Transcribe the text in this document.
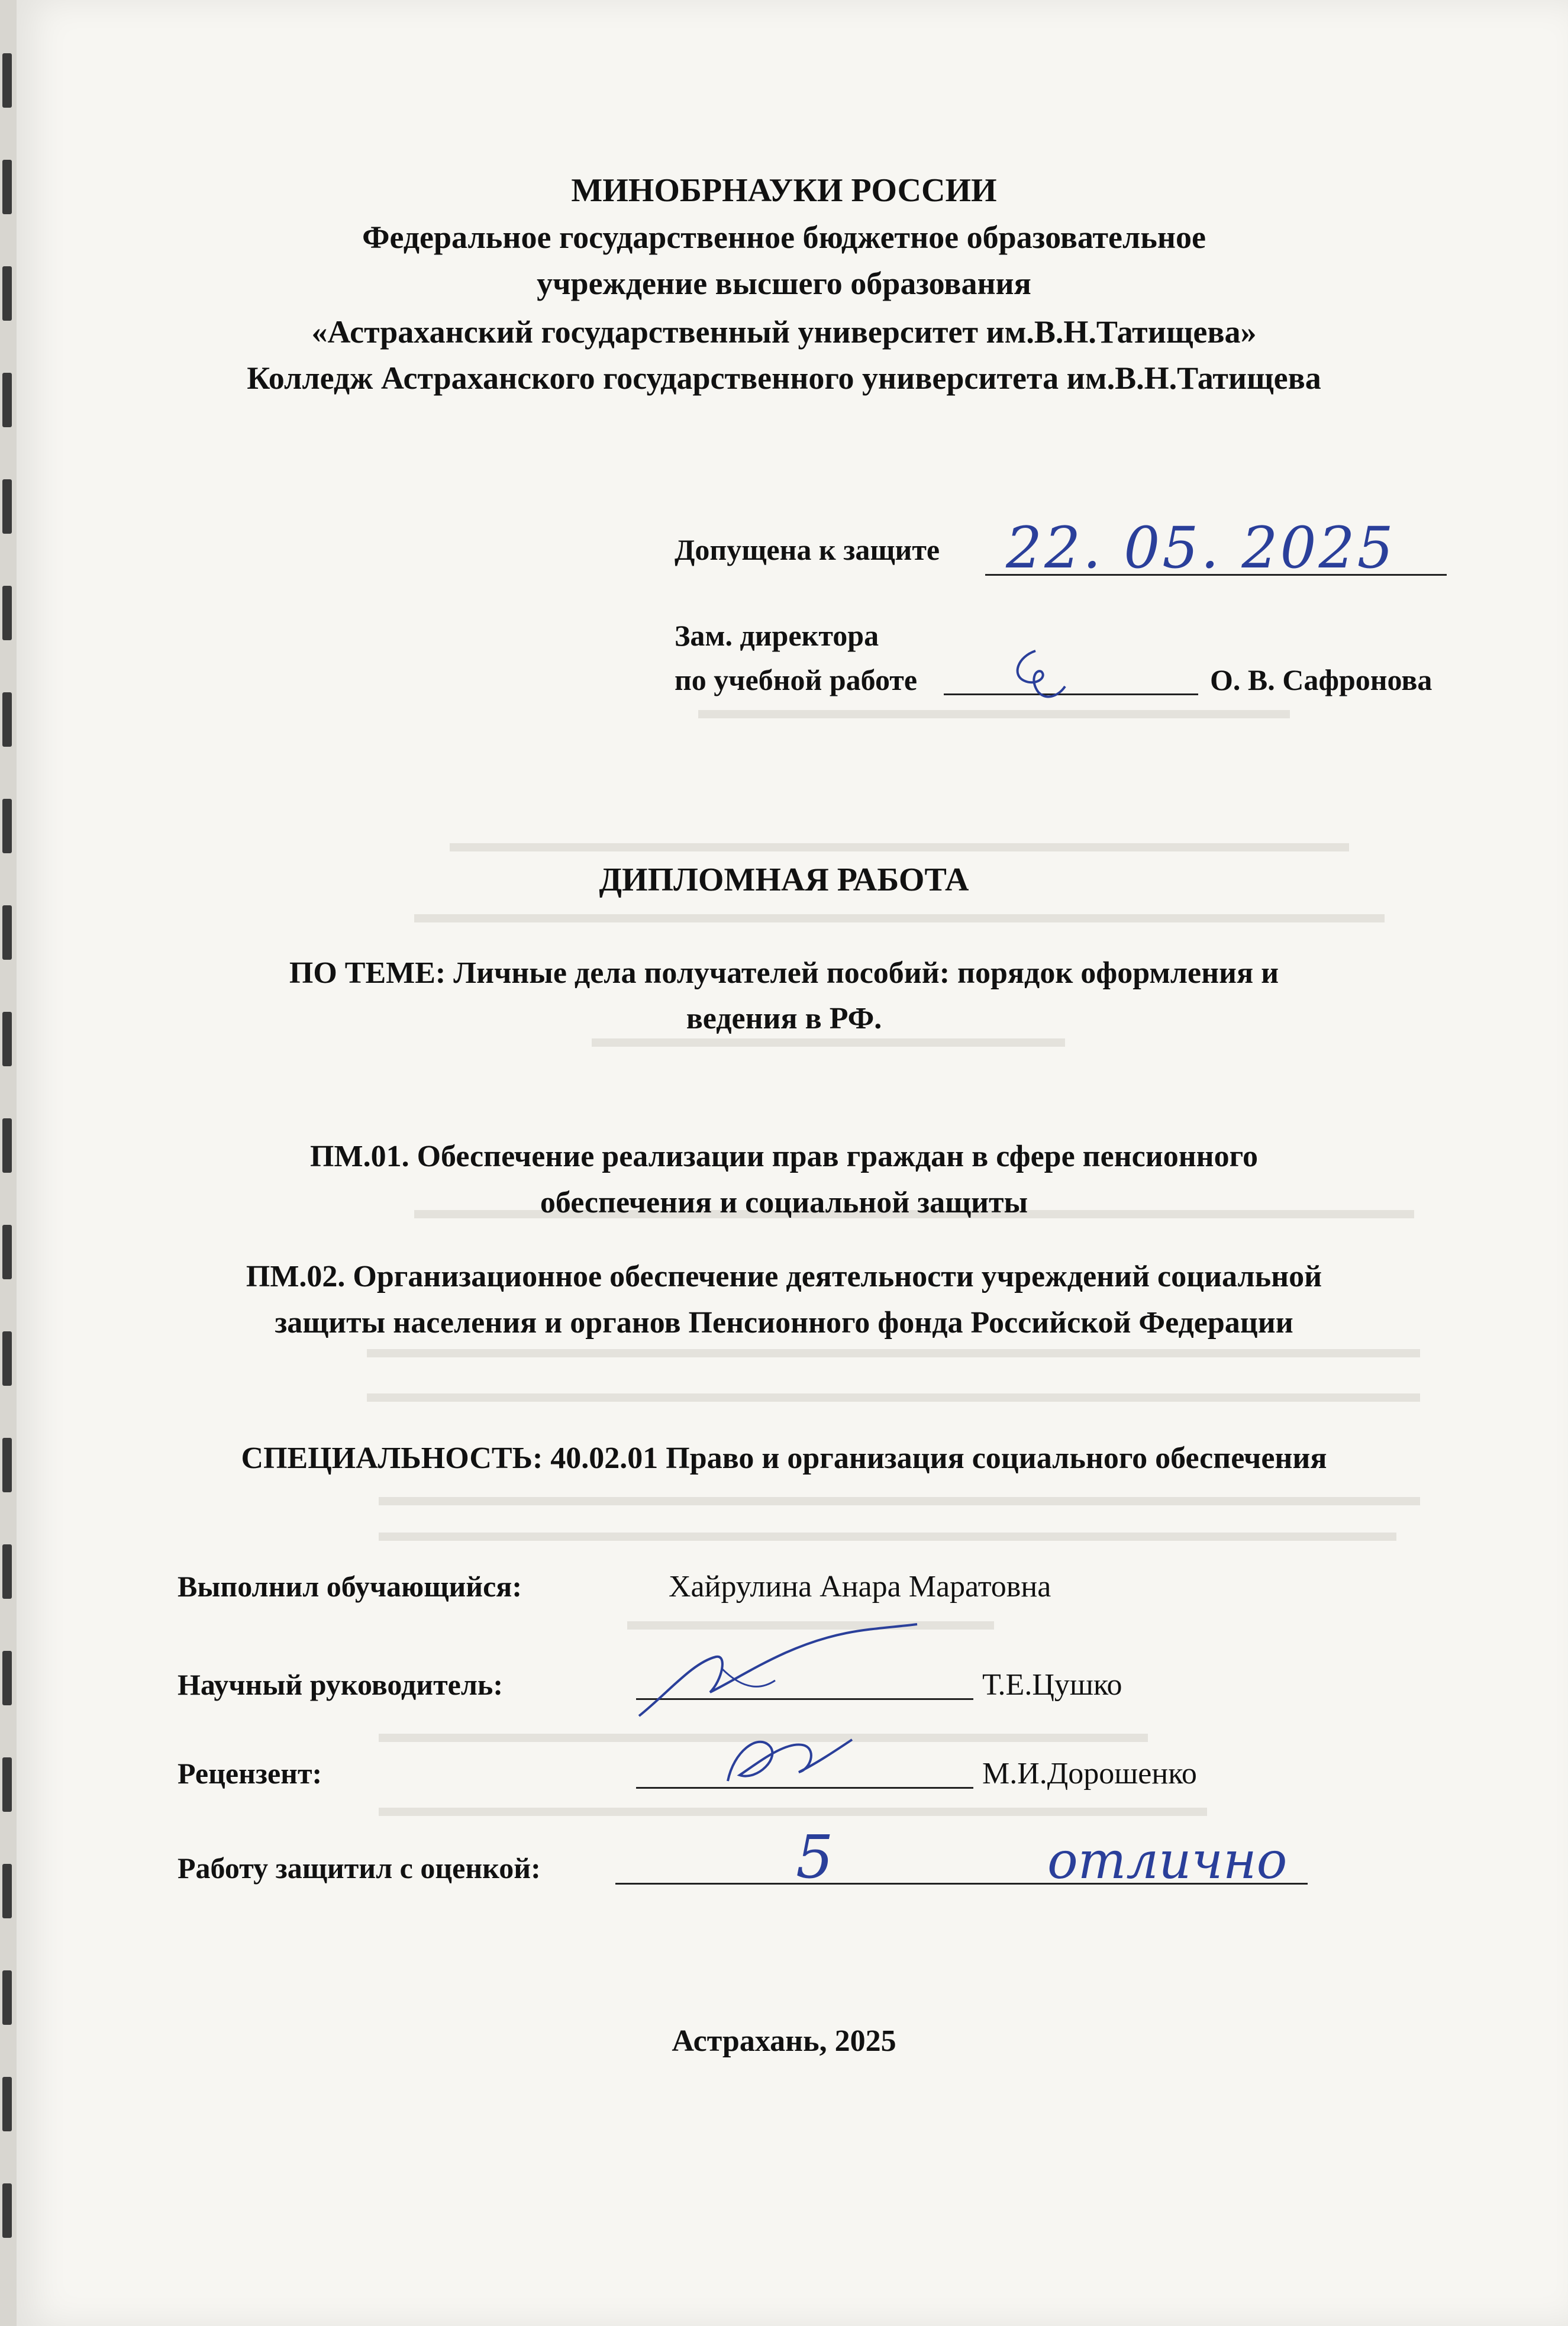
МИНОБРНАУКИ РОССИИ
Федеральное государственное бюджетное образовательное
учреждение высшего образования
«Астраханский государственный университет им.В.Н.Татищева»
Колледж Астраханского государственного университета им.В.Н.Татищева
Допущена к защите 22. 05. 2025
Зам. директора
по учебной работе	О. В. Сафронова
ДИПЛОМНАЯ РАБОТА
ПО ТЕМЕ: Личные дела получателей пособий: порядок оформления и
ведения в РФ.
ПМ.01. Обеспечение реализации прав граждан в сфере пенсионного
обеспечения и социальной защиты
ПМ.02. Организационное обеспечение деятельности учреждений социальной
защиты населения и органов Пенсионного фонда Российской Федерации
СПЕЦИАЛЬНОСТЬ: 40.02.01 Право и организация социального обеспечения
Выполнил обучающийся:	Хайрулина Анара Маратовна
Научный руководитель:	Т.Е.Цушко
Рецензент:	М.И.Дорошенко
Работу защитил с оценкой:	5	отлично
Астрахань, 2025
